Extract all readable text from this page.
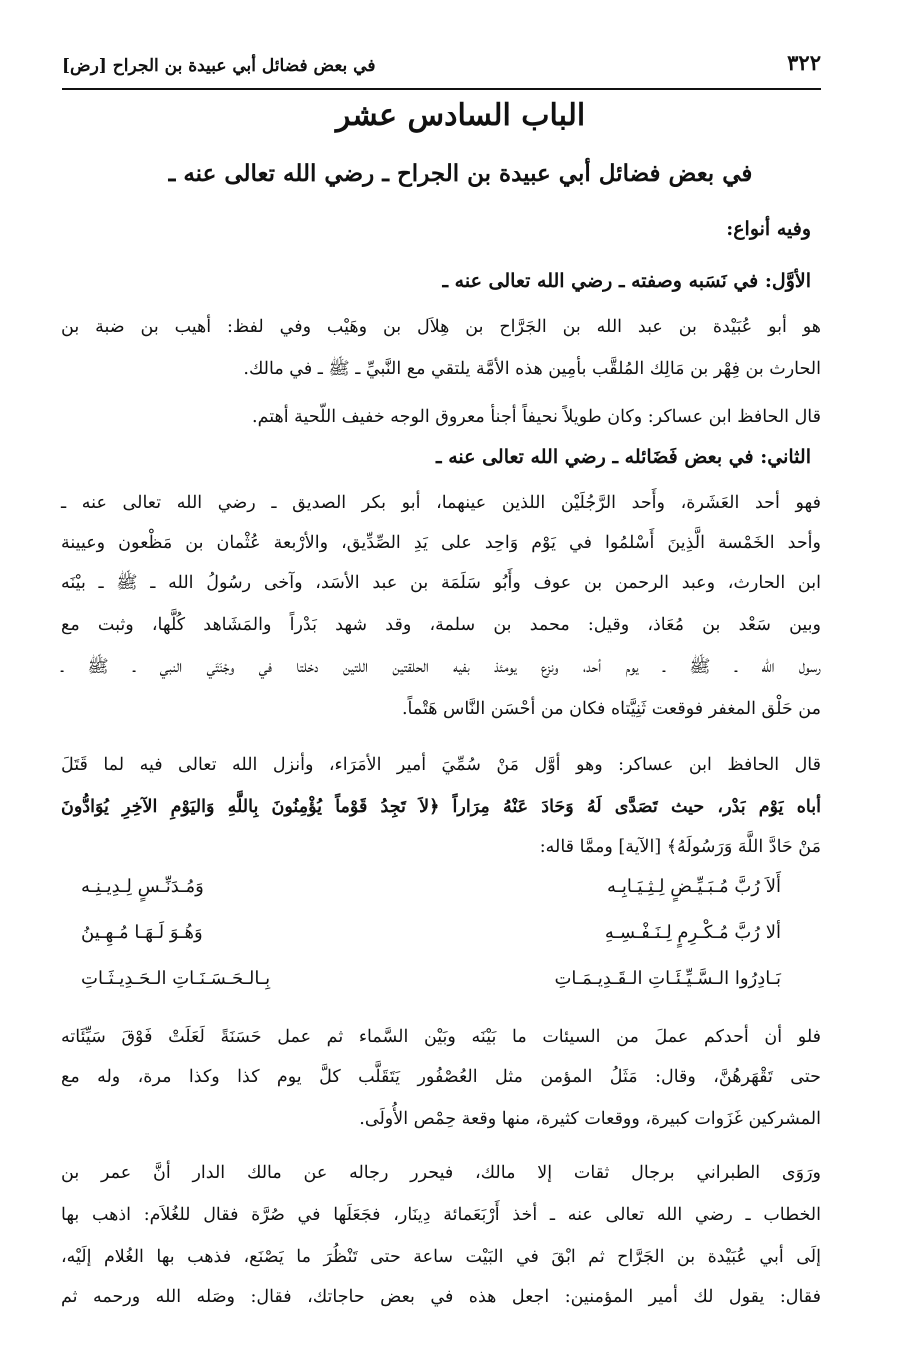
٣٢٢
في بعض فضائل أبي عبيدة بن الجراح [رض]
الباب السادس عشر
في بعض فضائل أبي عبيدة بن الجراح ـ رضي الله تعالى عنه ـ
وفيه أنواع:
الأوَّل: في نَسَبه وصفته ـ رضي الله تعالى عنه ـ
هو أبو عُبَيْدة بن عبد الله بن الجَرَّاح بن هِلاَل بن وهَيْب وفي لفظ: أهيب بن ضبة بن
الحارث بن فِهْر بن مَالِك المُلقَّب بأمِين هذه الأمَّة يلتقي مع النَّبيِّ ـ ﷺ ـ في مالك.
قال الحافظ ابن عساكر: وكان طويلاً نحيفاً أجنأ معروق الوجه خفيف اللّحية أهتم.
الثاني: في بعض فَضَائله ـ رضي الله تعالى عنه ـ
فهو أحد العَشَرة، وأَحد الرَّجُلَيْن اللذين عينهما، أبو بكر الصديق ـ رضي الله تعالى عنه ـ
وأحد الخَمْسة الَّذِينَ أَسْلمُوا في يَوْم وَاحِد على يَدِ الصِّدِّيق، والأرْبعة عُثْمان بن مَظْعون وعيينة
ابن الحارث، وعبد الرحمن بن عوف وأَبُو سَلَمَة بن عبد الأسَد، وآخى رسُولُ الله ـ ﷺ ـ بيْنَه
وبين سَعْد بن مُعَاذ، وقيل: محمد بن سلمة، وقد شهد بَدْراً والمَشَاهد كُلَّها، وثبت مع
رسول الله ـ ﷺ ـ يوم أحد، ونزع يومئذ بفيه الحلقتين اللتين دخلتا في وجْنَتَي النبي ـ ﷺ ـ
من حَلْق المغفر فوقعت ثَنِيَّتاه فكان من أحْسَن النَّاس هَتْماً.
قال الحافظ ابن عساكر: وهو أوَّل مَنْ سُمِّيَ أمير الأمَرَاء، وأنزل الله تعالى فيه لما قَتَلَ
أباه يَوْم بَدْر، حيث تَصَدَّى لَهُ وَحَادَ عَنْهُ مِرَاراً ﴿لاَ تَجِدُ قَوْماً يُؤْمِنُونَ بِاللَّهِ وَاليَوْمِ الآخِرِ يُوَادُّونَ
مَنْ حَادَّ اللَّهَ وَرَسُولَهُ﴾ [الآية] وممَّا قاله:
أَلاَ رُبَّ مُـبَـيِّـضٍ لِـثِـيَـابِـه
وَمُـدَنِّـسٍ لِـدِيـنِـه
ألا رُبَّ مُـكْـرِمٍ لِـنَـفْـسِـهِ
وَهُـوَ لَـهَـا مُـهِـينُ
بَـادِرُوا الـسَّـيِّـئَـاتِ الـقَـدِيـمَـاتِ
بِـالـحَـسَـنَـاتِ الـحَـدِيـثَـاتِ
فلو أن أحدكم عملَ من السيئات ما بَيْنَه وبَيْن السَّماء ثم عمل حَسَنَةً لَعَلَتْ فَوْقَ سَيِّئَاته
حتى تَقْهَرهُنَّ، وقال: مَثَلُ المؤمن مثل العُصْفُور يَتَقَلَّب كلَّ يوم كذا وكذا مرة، وله مع
المشركين غَزَوات كبيرة، ووقعات كثيرة، منها وقعة حِمْص الأُولَى.
ورَوَى الطبراني برجال ثقات إلا مالك، فيحرر رجاله عن مالك الدار أنَّ عمر بن
الخطاب ـ رضي الله تعالى عنه ـ أخذ أَرْبَعَمائة دِينَار، فجَعَلَها في صُرَّة فقال للغُلاَم: اذهب بها
إلَى أبي عُبَيْدة بن الجَرَّاح ثم ابْقَ في البَيْت ساعة حتى تَنْظُرَ ما يَصْنَع، فذهب بها الغُلام إلَيْه،
فقال: يقول لك أمير المؤمنين: اجعل هذه في بعض حاجاتك، فقال: وصَله الله ورحمه ثم
